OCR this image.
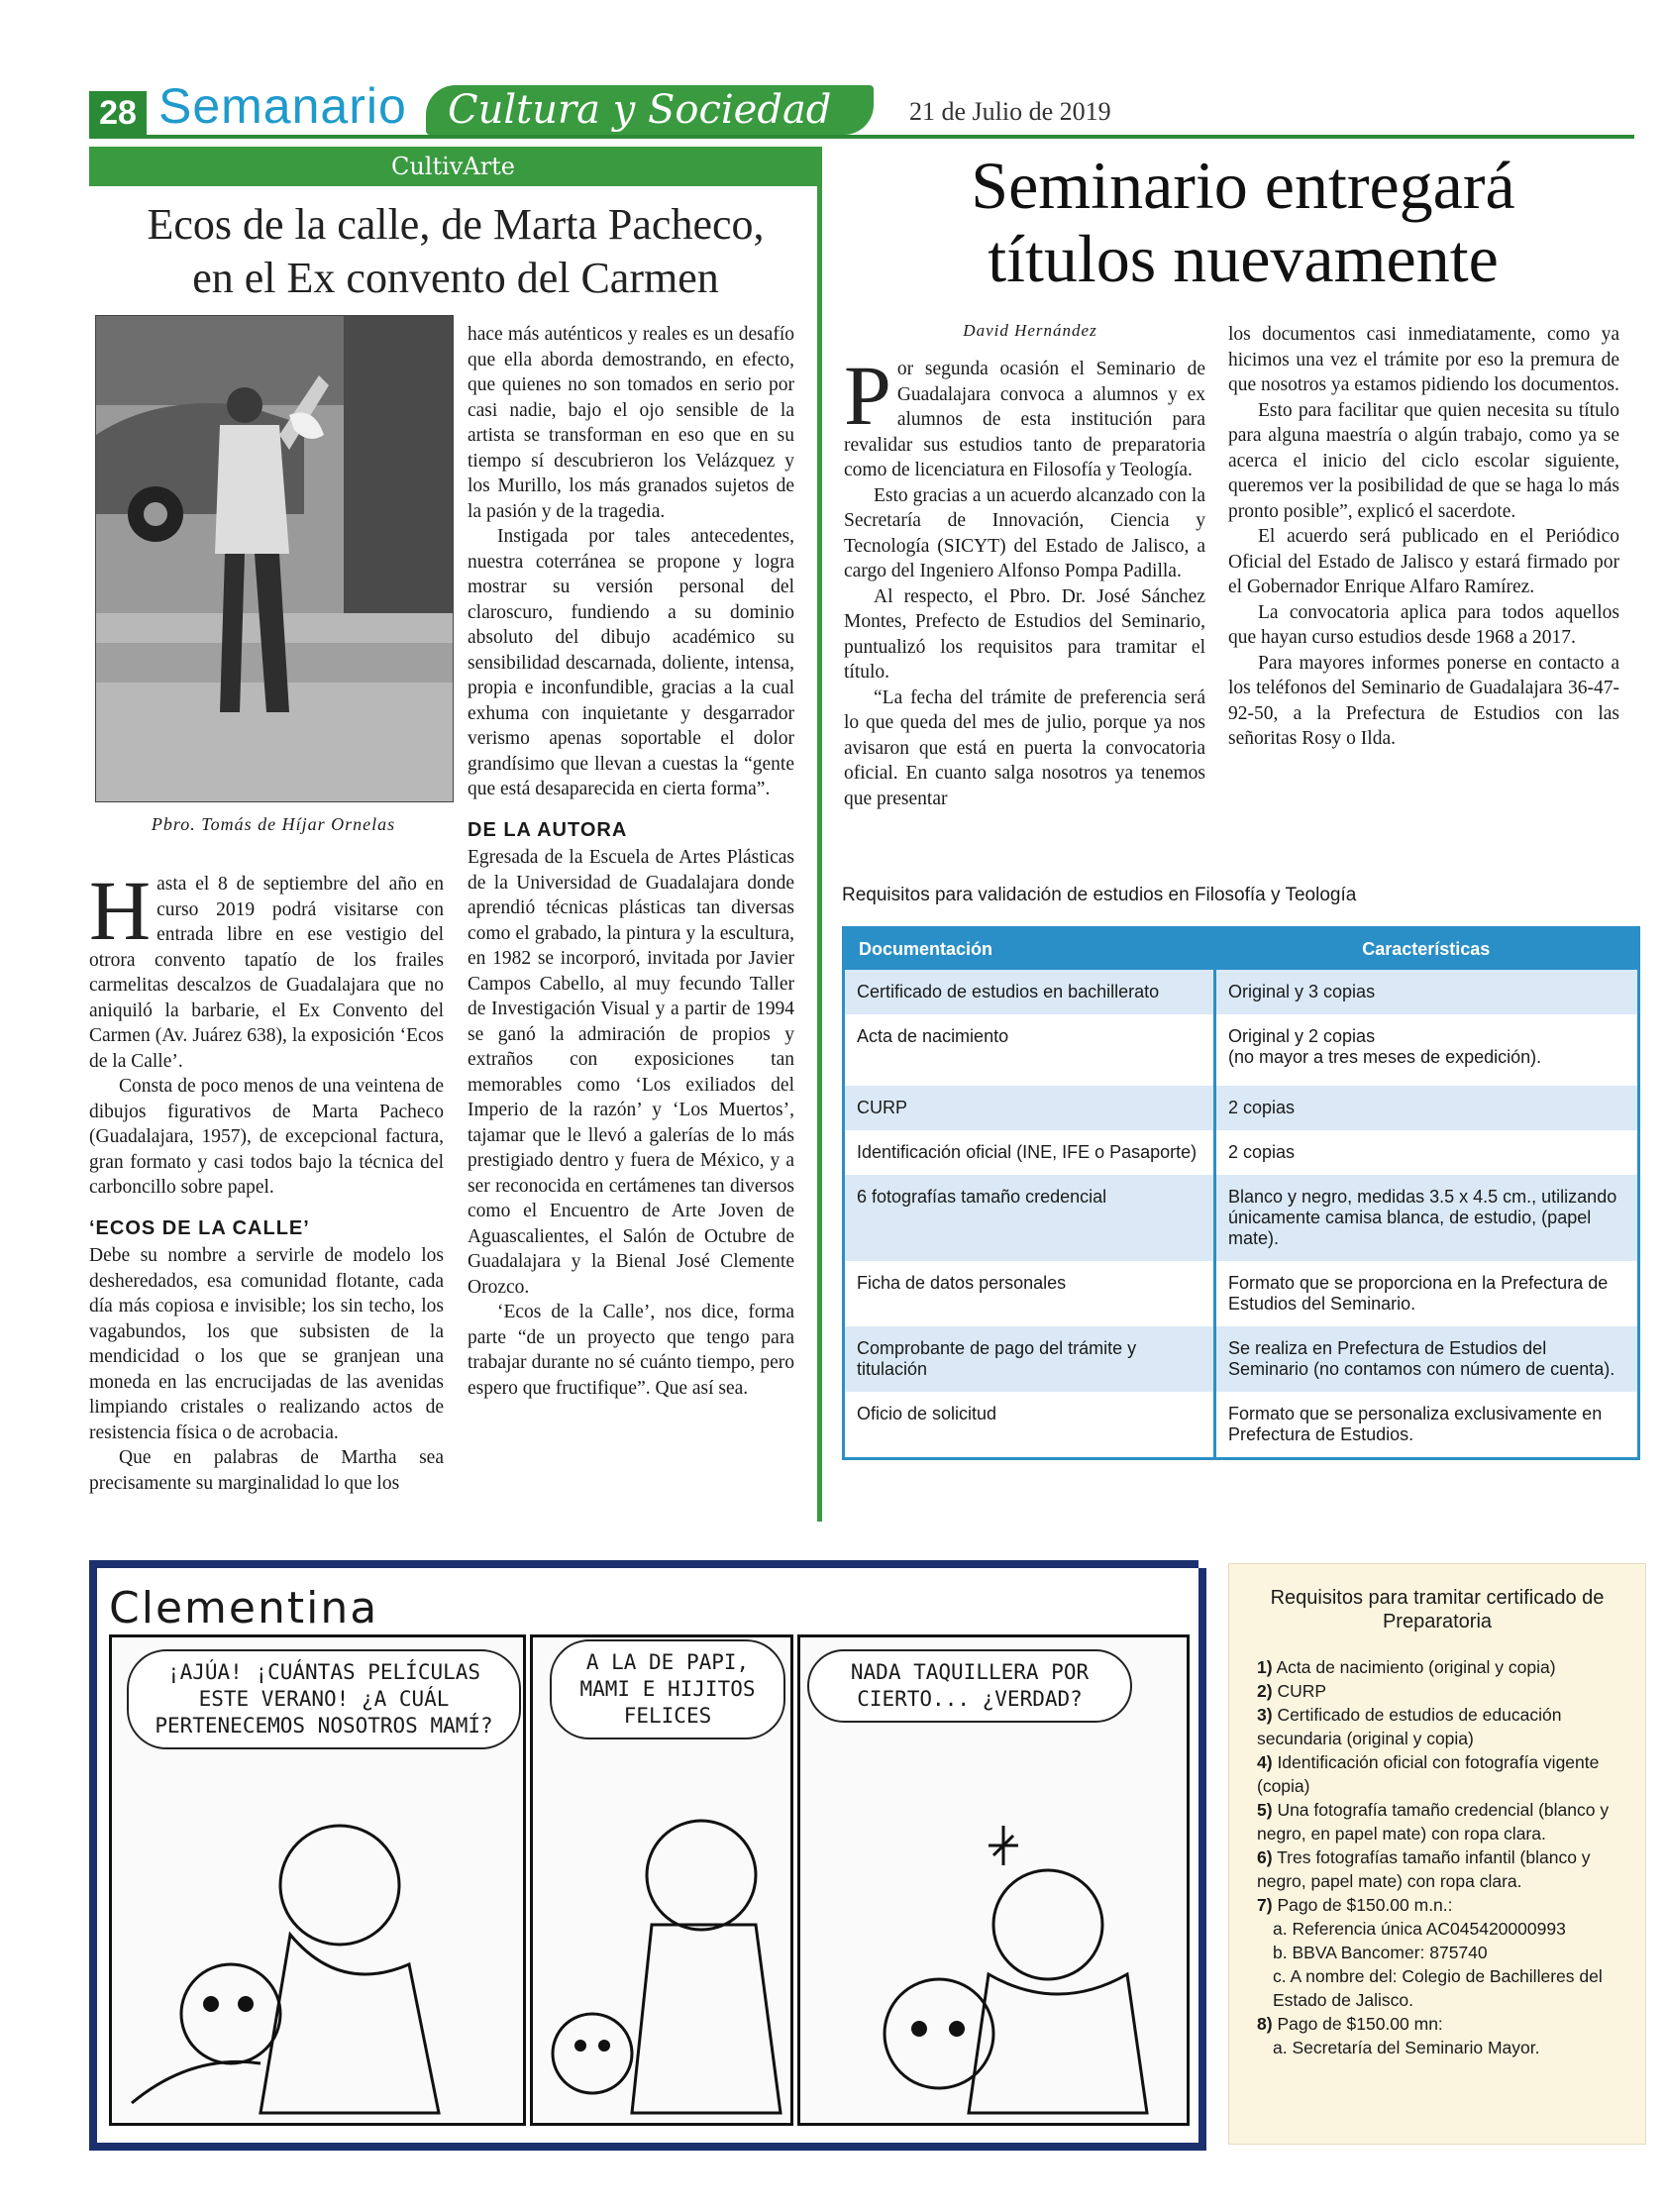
28 Semanario	Cultura y Sociedad	21 de Julio de 2019
CultivArte
Ecos de la calle, de Marta Pacheco,
en el Ex convento del Carmen
Pbro. Tomás de Híjar Ornelas

Hasta el 8 de septiembre del año en curso 2019 podrá visitarse con entrada libre en ese vestigio del otrora convento tapatío de los frailes carmelitas descalzos de Guadalajara que no aniquiló la barbarie, el Ex Convento del Carmen (Av. Juárez 638), la exposición ‘Ecos de la Calle’.

Consta de poco menos de una veintena de dibujos figurativos de Marta Pacheco (Guadalajara, 1957), de excepcional factura, gran formato y casi todos bajo la técnica del carboncillo sobre papel.

‘ECOS DE LA CALLE’

Debe su nombre a servirle de modelo los desheredados, esa comunidad flotante, cada día más copiosa e invisible; los sin techo, los vagabundos, los que subsisten de la mendicidad o los que se granjean una moneda en las encrucijadas de las avenidas limpiando cristales o realizando actos de resistencia física o de acrobacia.

Que en palabras de Martha sea precisamente su marginalidad lo que los

hace más auténticos y reales es un desafío que ella aborda demostrando, en efecto, que quienes no son tomados en serio por casi nadie, bajo el ojo sensible de la artista se transforman en eso que en su tiempo sí descubrieron los Velázquez y los Murillo, los más granados sujetos de la pasión y de la tragedia.

Instigada por tales antecedentes, nuestra coterránea se propone y logra mostrar su versión personal del claroscuro, fundiendo a su dominio absoluto del dibujo académico su sensibilidad descarnada, doliente, intensa, propia e inconfundible, gracias a la cual exhuma con inquietante y desgarrador verismo apenas soportable el dolor grandísimo que llevan a cuestas la “gente que está desaparecida en cierta forma”.

DE LA AUTORA

Egresada de la Escuela de Artes Plásticas de la Universidad de Guadalajara donde aprendió técnicas plásticas tan diversas como el grabado, la pintura y la escultura, en 1982 se incorporó, invitada por Javier Campos Cabello, al muy fecundo Taller de Investigación Visual y a partir de 1994 se ganó la admiración de propios y extraños con exposiciones tan memorables como ‘Los exiliados del Imperio de la razón’ y ‘Los Muertos’, tajamar que le llevó a galerías de lo más prestigiado dentro y fuera de México, y a ser reconocida en certámenes tan diversos como el Encuentro de Arte Joven de Aguascalientes, el Salón de Octubre de Guadalajara y la Bienal José Clemente Orozco.

‘Ecos de la Calle’, nos dice, forma parte “de un proyecto que tengo para trabajar durante no sé cuánto tiempo, pero espero que fructifique”. Que así sea.

Seminario entregará
títulos nuevamente
David Hernández

Por segunda ocasión el Seminario de Guadalajara convoca a alumnos y ex alumnos de esta institución para revalidar sus estudios tanto de preparatoria como de licenciatura en Filosofía y Teología.

Esto gracias a un acuerdo alcanzado con la Secretaría de Innovación, Ciencia y Tecnología (SICYT) del Estado de Jalisco, a cargo del Ingeniero Alfonso Pompa Padilla.

Al respecto, el Pbro. Dr. José Sánchez Montes, Prefecto de Estudios del Seminario, puntualizó los requisitos para tramitar el título.

“La fecha del trámite de preferencia será lo que queda del mes de julio, porque ya nos avisaron que está en puerta la convocatoria oficial. En cuanto salga nosotros ya tenemos que presentar

los documentos casi inmediatamente, como ya hicimos una vez el trámite por eso la premura de que nosotros ya estamos pidiendo los documentos.

Esto para facilitar que quien necesita su título para alguna maestría o algún trabajo, como ya se acerca el inicio del ciclo escolar siguiente, queremos ver la posibilidad de que se haga lo más pronto posible”, explicó el sacerdote.

El acuerdo será publicado en el Periódico Oficial del Estado de Jalisco y estará firmado por el Gobernador Enrique Alfaro Ramírez.

La convocatoria aplica para todos aquellos que hayan curso estudios desde 1968 a 2017.

Para mayores informes ponerse en contacto a los teléfonos del Seminario de Guadalajara 36-47-92-50, a la Prefectura de Estudios con las señoritas Rosy o Ilda.

Requisitos para validación de estudios en Filosofía y Teología
Documentación	Características
Certificado de estudios en bachillerato	Original y 3 copias
Acta de nacimiento	Original y 2 copias
(no mayor a tres meses de expedición).
CURP	2 copias
Identificación oficial (INE, IFE o Pasaporte)	2 copias
6 fotografías tamaño credencial	Blanco y negro, medidas 3.5 x 4.5 cm., utilizando únicamente camisa blanca, de estudio, (papel mate).
Ficha de datos personales	Formato que se proporciona en la Prefectura de Estudios del Seminario.
Comprobante de pago del trámite y titulación	Se realiza en Prefectura de Estudios del Seminario (no contamos con número de cuenta).
Oficio de solicitud	Formato que se personaliza exclusivamente en Prefectura de Estudios.
Clementina
¡AJÚA! ¡CUÁNTAS PELÍCULAS ESTE VERANO! ¿A CUÁL PERTENECEMOS NOSOTROS MAMÍ?
A LA DE PAPI, MAMI E HIJITOS FELICES
NADA TAQUILLERA POR CIERTO... ¿VERDAD?
Requisitos para tramitar certificado de Preparatoria
1) Acta de nacimiento (original y copia)
2) CURP
3) Certificado de estudios de educación secundaria (original y copia)
4) Identificación oficial con fotografía vigente (copia)
5) Una fotografía tamaño credencial (blanco y negro, en papel mate) con ropa clara.
6) Tres fotografías tamaño infantil (blanco y negro, papel mate) con ropa clara.
7) Pago de $150.00 m.n.:
a. Referencia única AC045420000993
b. BBVA Bancomer: 875740
c. A nombre del: Colegio de Bachilleres del Estado de Jalisco.
8) Pago de $150.00 mn:
a. Secretaría del Seminario Mayor.
